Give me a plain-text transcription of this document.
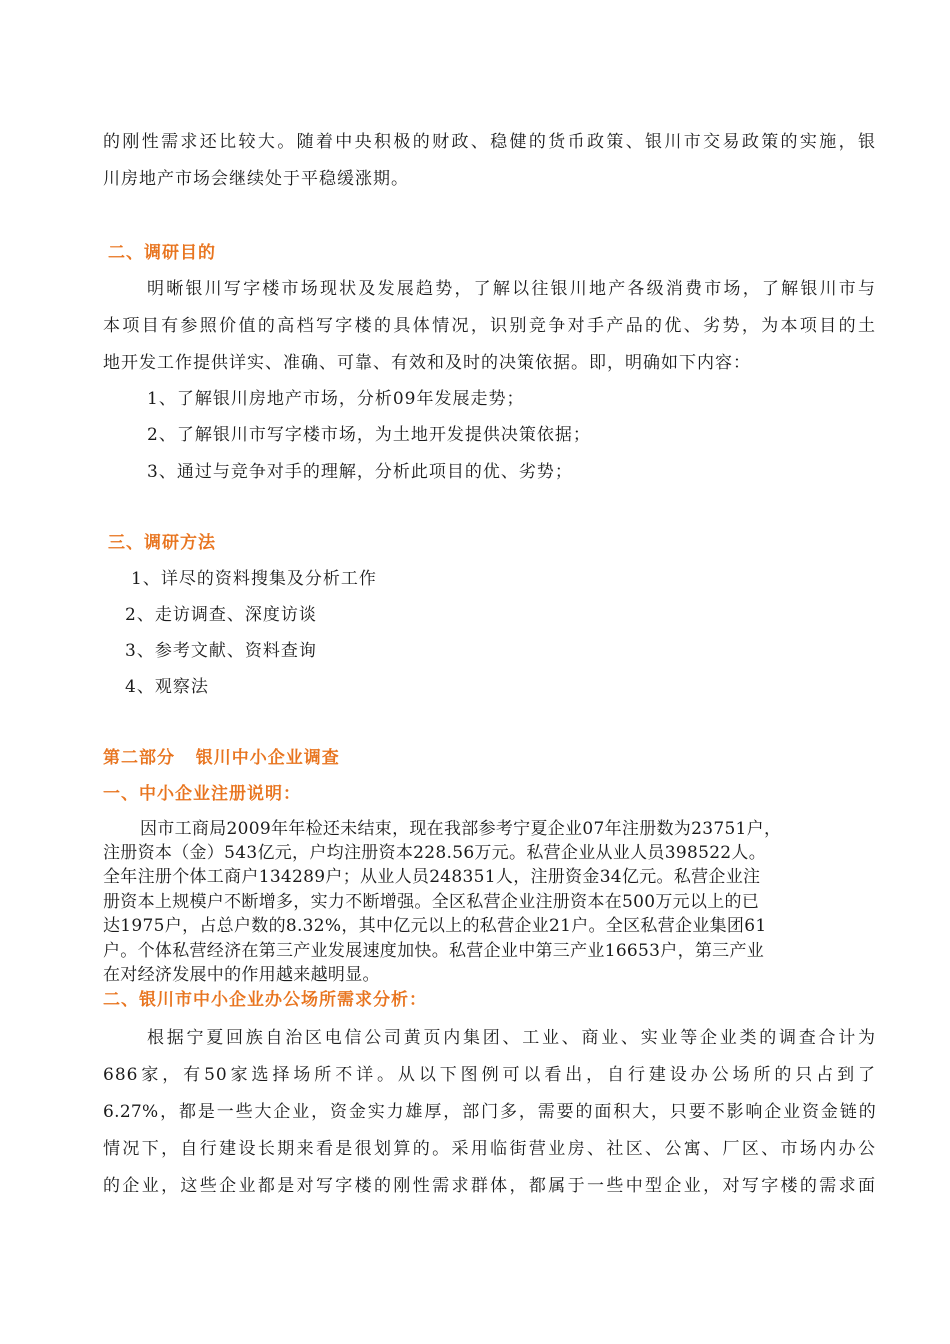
的刚性需求还比较大。随着中央积极的财政、稳健的货币政策、银川市交易政策的实施，银
川房地产市场会继续处于平稳缓涨期。
二、调研目的
明晰银川写字楼市场现状及发展趋势，了解以往银川地产各级消费市场，了解银川市与
本项目有参照价值的高档写字楼的具体情况，识别竞争对手产品的优、劣势，为本项目的土
地开发工作提供详实、准确、可靠、有效和及时的决策依据。即，明确如下内容：
1、了解银川房地产市场，分析09年发展走势；
2、了解银川市写字楼市场，为土地开发提供决策依据；
3、通过与竞争对手的理解，分析此项目的优、劣势；
三、调研方法
1、详尽的资料搜集及分析工作
2、走访调查、深度访谈
3、参考文献、资料查询
4、观察法
第二部分   银川中小企业调查
一、中小企业注册说明：
因市工商局2009年年检还未结束，现在我部参考宁夏企业07年注册数为23751户，
注册资本（金）543亿元，户均注册资本228.56万元。私营企业从业人员398522人。
全年注册个体工商户134289户；从业人员248351人，注册资金34亿元。私营企业注
册资本上规模户不断增多，实力不断增强。全区私营企业注册资本在500万元以上的已
达1975户，占总户数的8.32%，其中亿元以上的私营企业21户。全区私营企业集团61
户。个体私营经济在第三产业发展速度加快。私营企业中第三产业16653户，第三产业
在对经济发展中的作用越来越明显。
二、银川市中小企业办公场所需求分析：
根据宁夏回族自治区电信公司黄页内集团、工业、商业、实业等企业类的调查合计为
686家，有50家选择场所不详。从以下图例可以看出，自行建设办公场所的只占到了
6.27%，都是一些大企业，资金实力雄厚，部门多，需要的面积大，只要不影响企业资金链的
情况下，自行建设长期来看是很划算的。采用临街营业房、社区、公寓、厂区、市场内办公
的企业，这些企业都是对写字楼的刚性需求群体，都属于一些中型企业，对写字楼的需求面
